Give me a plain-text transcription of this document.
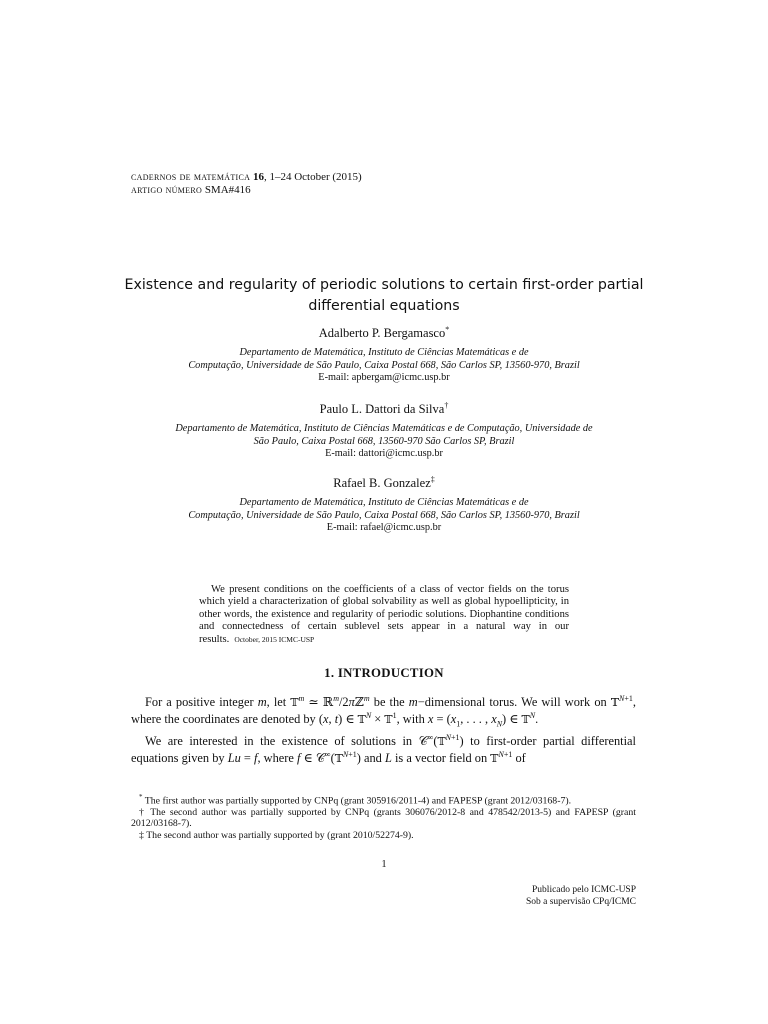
cadernos de matemática 16, 1–24 October (2015)
artigo número SMA#416
Existence and regularity of periodic solutions to certain first-order partial
differential equations
Adalberto P. Bergamasco*
Departamento de Matemática, Instituto de Ciências Matemáticas e de
Computação, Universidade de São Paulo, Caixa Postal 668, São Carlos SP, 13560-970, Brazil
E-mail: apbergam@icmc.usp.br
Paulo L. Dattori da Silva†
Departamento de Matemática, Instituto de Ciências Matemáticas e de Computação, Universidade de
São Paulo, Caixa Postal 668, 13560-970 São Carlos SP, Brazil
E-mail: dattori@icmc.usp.br
Rafael B. Gonzalez‡
Departamento de Matemática, Instituto de Ciências Matemáticas e de
Computação, Universidade de São Paulo, Caixa Postal 668, São Carlos SP, 13560-970, Brazil
E-mail: rafael@icmc.usp.br
We present conditions on the coefficients of a class of vector fields on the torus which yield a characterization of global solvability as well as global hypoellipticity, in other words, the existence and regularity of periodic solutions. Diophantine conditions and connectedness of certain sublevel sets appear in a natural way in our results. October, 2015 ICMC-USP
1. INTRODUCTION

For a positive integer m, let 𝕋$^m$ ≃ ℝ$^m$/2πℤ$^m$ be the m−dimensional torus. We will work on 𝕋$^{N+1}$, where the coordinates are denoted by (x, t) ∈ 𝕋$^N$ × 𝕋$^1$, with $x = (x_1$, . . . , $x_N$) ∈ 𝕋$^N$.

We are interested in the existence of solutions in 𝒞∞(𝕋$^{N+1}$) to first-order partial differential equations given by Lu = f, where f ∈ 𝒞∞(𝕋$^{N+1}$) and L is a vector field on 𝕋$^{N+1}$ of

* The first author was partially supported by CNPq (grant 305916/2011-4) and FAPESP (grant 2012/03168-7).

† The second author was partially supported by CNPq (grants 306076/2012-8 and 478542/2013-5) and FAPESP (grant 2012/03168-7).

‡ The second author was partially supported by (grant 2010/52274-9).

1
Publicado pelo ICMC-USP
Sob a supervisão CPq/ICMC
